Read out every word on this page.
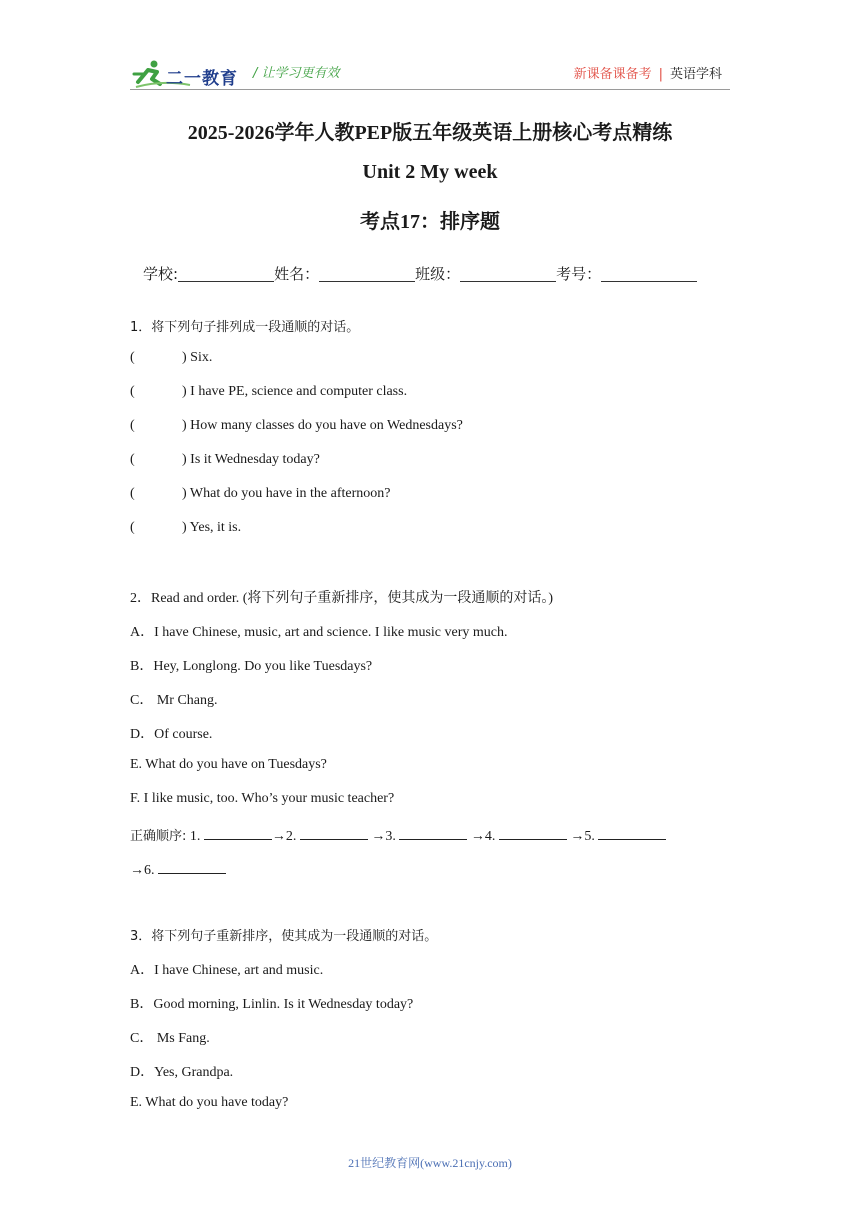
二一教育 / 让学习更有效	新课备课备考 | 英语学科
2025-2026学年人教PEP版五年级英语上册核心考点精练
Unit 2 My week
考点17：排序题
学校:	姓名：	班级：	考号：
1．将下列句子排列成一段通顺的对话。
(	) Six.
(	) I have PE, science and computer class.
(	) How many classes do you have on Wednesdays?
(	) Is it Wednesday today?
(	) What do you have in the afternoon?
(	) Yes, it is.
2．Read and order. (将下列句子重新排序，使其成为一段通顺的对话。)
A．I have Chinese, music, art and science. I like music very much.
B．Hey, Longlong. Do you like Tuesdays?
C． Mr Chang.
D．Of course.
E. What do you have on Tuesdays?
F. I like music, too. Who’s your music teacher?
正确顺序: 1.	→2.	→3.	→4.	→5.
→6.
3．将下列句子重新排序，使其成为一段通顺的对话。
A．I have Chinese, art and music.
B．Good morning, Linlin. Is it Wednesday today?
C． Ms Fang.
D．Yes, Grandpa.
E. What do you have today?
21世纪教育网(www.21cnjy.com)
